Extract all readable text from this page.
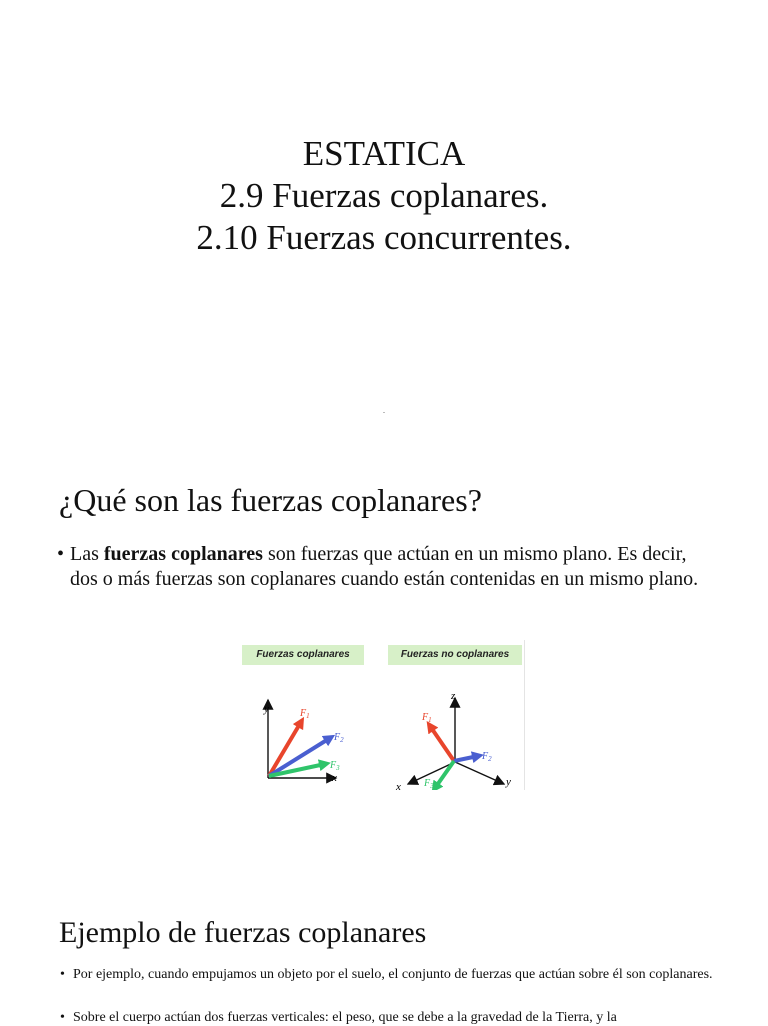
ESTATICA
2.9 Fuerzas coplanares.
2.10 Fuerzas concurrentes.
¿Qué son las fuerzas coplanares?
• Las fuerzas coplanares son fuerzas que actúan en un mismo plano. Es decir, dos o más fuerzas son coplanares cuando están contenidas en un mismo plano.
Fuerzas coplanares	Fuerzas no coplanares
y
x
$F_1$
$F_2$
$F_3$
z
x	y
$F_1$
$F_2$
$F_3$
Ejemplo de fuerzas coplanares
• Por ejemplo, cuando empujamos un objeto por el suelo, el conjunto de fuerzas que actúan sobre él son coplanares.
• Sobre el cuerpo actúan dos fuerzas verticales: el peso, que se debe a la gravedad de la Tierra, y la
